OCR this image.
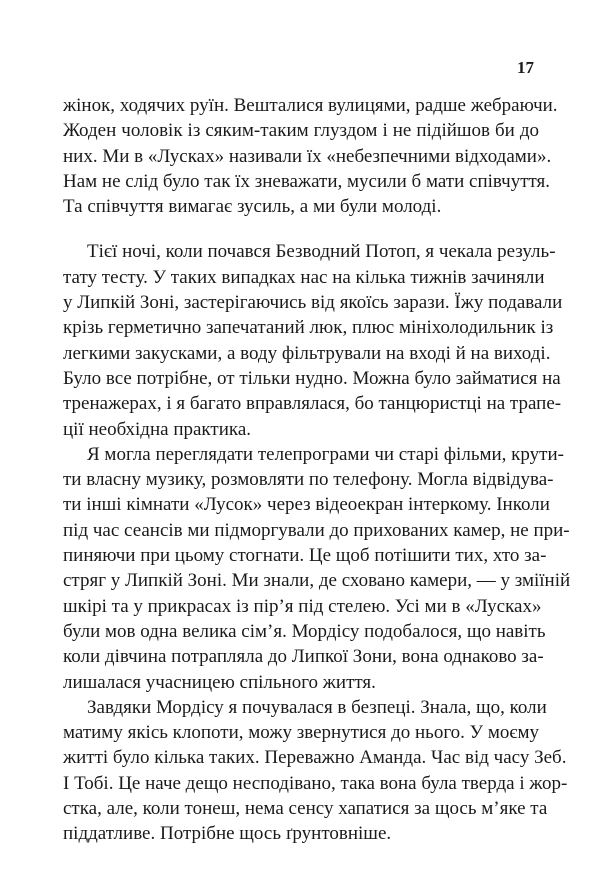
17
жінок, ходячих руїн. Вешталися вулицями, радше жебраючи.
Жоден чоловік із сяким-таким глуздом і не підійшов би до
них. Ми в «Лусках» називали їх «небезпечними відходами».
Нам не слід було так їх зневажати, мусили б мати співчуття.
Та співчуття вимагає зусиль, а ми були молоді.
Тієї ночі, коли почався Безводний Потоп, я чекала резуль-
тату тесту. У таких випадках нас на кілька тижнів зачиняли
у Липкій Зоні, застерігаючись від якоїсь зарази. Їжу подавали
крізь герметично запечатаний люк, плюс мініхолодильник із
легкими закусками, а воду фільтрували на вході й на виході.
Було все потрібне, от тільки нудно. Можна було займатися на
тренажерах, і я багато вправлялася, бо танцюристці на трапе-
ції необхідна практика.
Я могла переглядати телепрограми чи старі фільми, крути-
ти власну музику, розмовляти по телефону. Могла відвідува-
ти інші кімнати «Лусок» через відеоекран інтеркому. Інколи
під час сеансів ми підморгували до прихованих камер, не при-
пиняючи при цьому стогнати. Це щоб потішити тих, хто за-
стряг у Липкій Зоні. Ми знали, де сховано камери, — у зміїній
шкірі та у прикрасах із пір’я під стелею. Усі ми в «Лусках»
були мов одна велика сім’я. Мордісу подобалося, що навіть
коли дівчина потрапляла до Липкої Зони, вона однаково за-
лишалася учасницею спільного життя.
Завдяки Мордісу я почувалася в безпеці. Знала, що, коли
матиму якісь клопоти, можу звернутися до нього. У моєму
житті було кілька таких. Переважно Аманда. Час від часу Зеб.
І Тобі. Це наче дещо несподівано, така вона була тверда і жор-
стка, але, коли тонеш, нема сенсу хапатися за щось м’яке та
піддатливе. Потрібне щось ґрунтовніше.
